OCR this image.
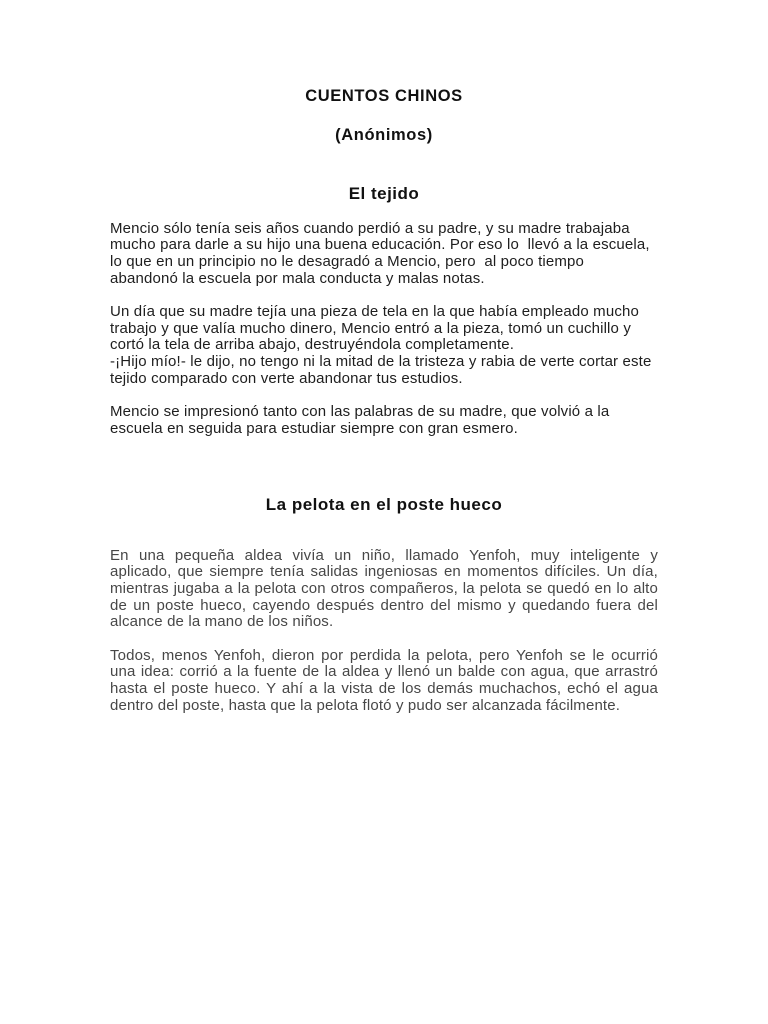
CUENTOS CHINOS
(Anónimos)
El tejido
Mencio sólo tenía seis años cuando perdió a su padre, y su madre trabajaba
mucho para darle a su hijo una buena educación. Por eso lo  llevó a la escuela,
lo que en un principio no le desagradó a Mencio, pero  al poco tiempo
abandonó la escuela por mala conducta y malas notas.
Un día que su madre tejía una pieza de tela en la que había empleado mucho
trabajo y que valía mucho dinero, Mencio entró a la pieza, tomó un cuchillo y
cortó la tela de arriba abajo, destruyéndola completamente.
-¡Hijo mío!- le dijo, no tengo ni la mitad de la tristeza y rabia de verte cortar este
tejido comparado con verte abandonar tus estudios.
Mencio se impresionó tanto con las palabras de su madre, que volvió a la
escuela en seguida para estudiar siempre con gran esmero.
La pelota en el poste hueco
En una pequeña aldea vivía un niño, llamado Yenfoh, muy inteligente y
aplicado, que siempre tenía salidas ingeniosas en momentos difíciles. Un día,
mientras jugaba a la pelota con otros compañeros, la pelota se quedó en lo alto
de un poste hueco, cayendo después dentro del mismo y quedando fuera del
alcance de la mano de los niños.
Todos, menos Yenfoh, dieron por perdida la pelota, pero Yenfoh se le ocurrió
una idea: corrió a la fuente de la aldea y llenó un balde con agua, que arrastró
hasta el poste hueco. Y ahí a la vista de los demás muchachos, echó el agua
dentro del poste, hasta que la pelota flotó y pudo ser alcanzada fácilmente.
